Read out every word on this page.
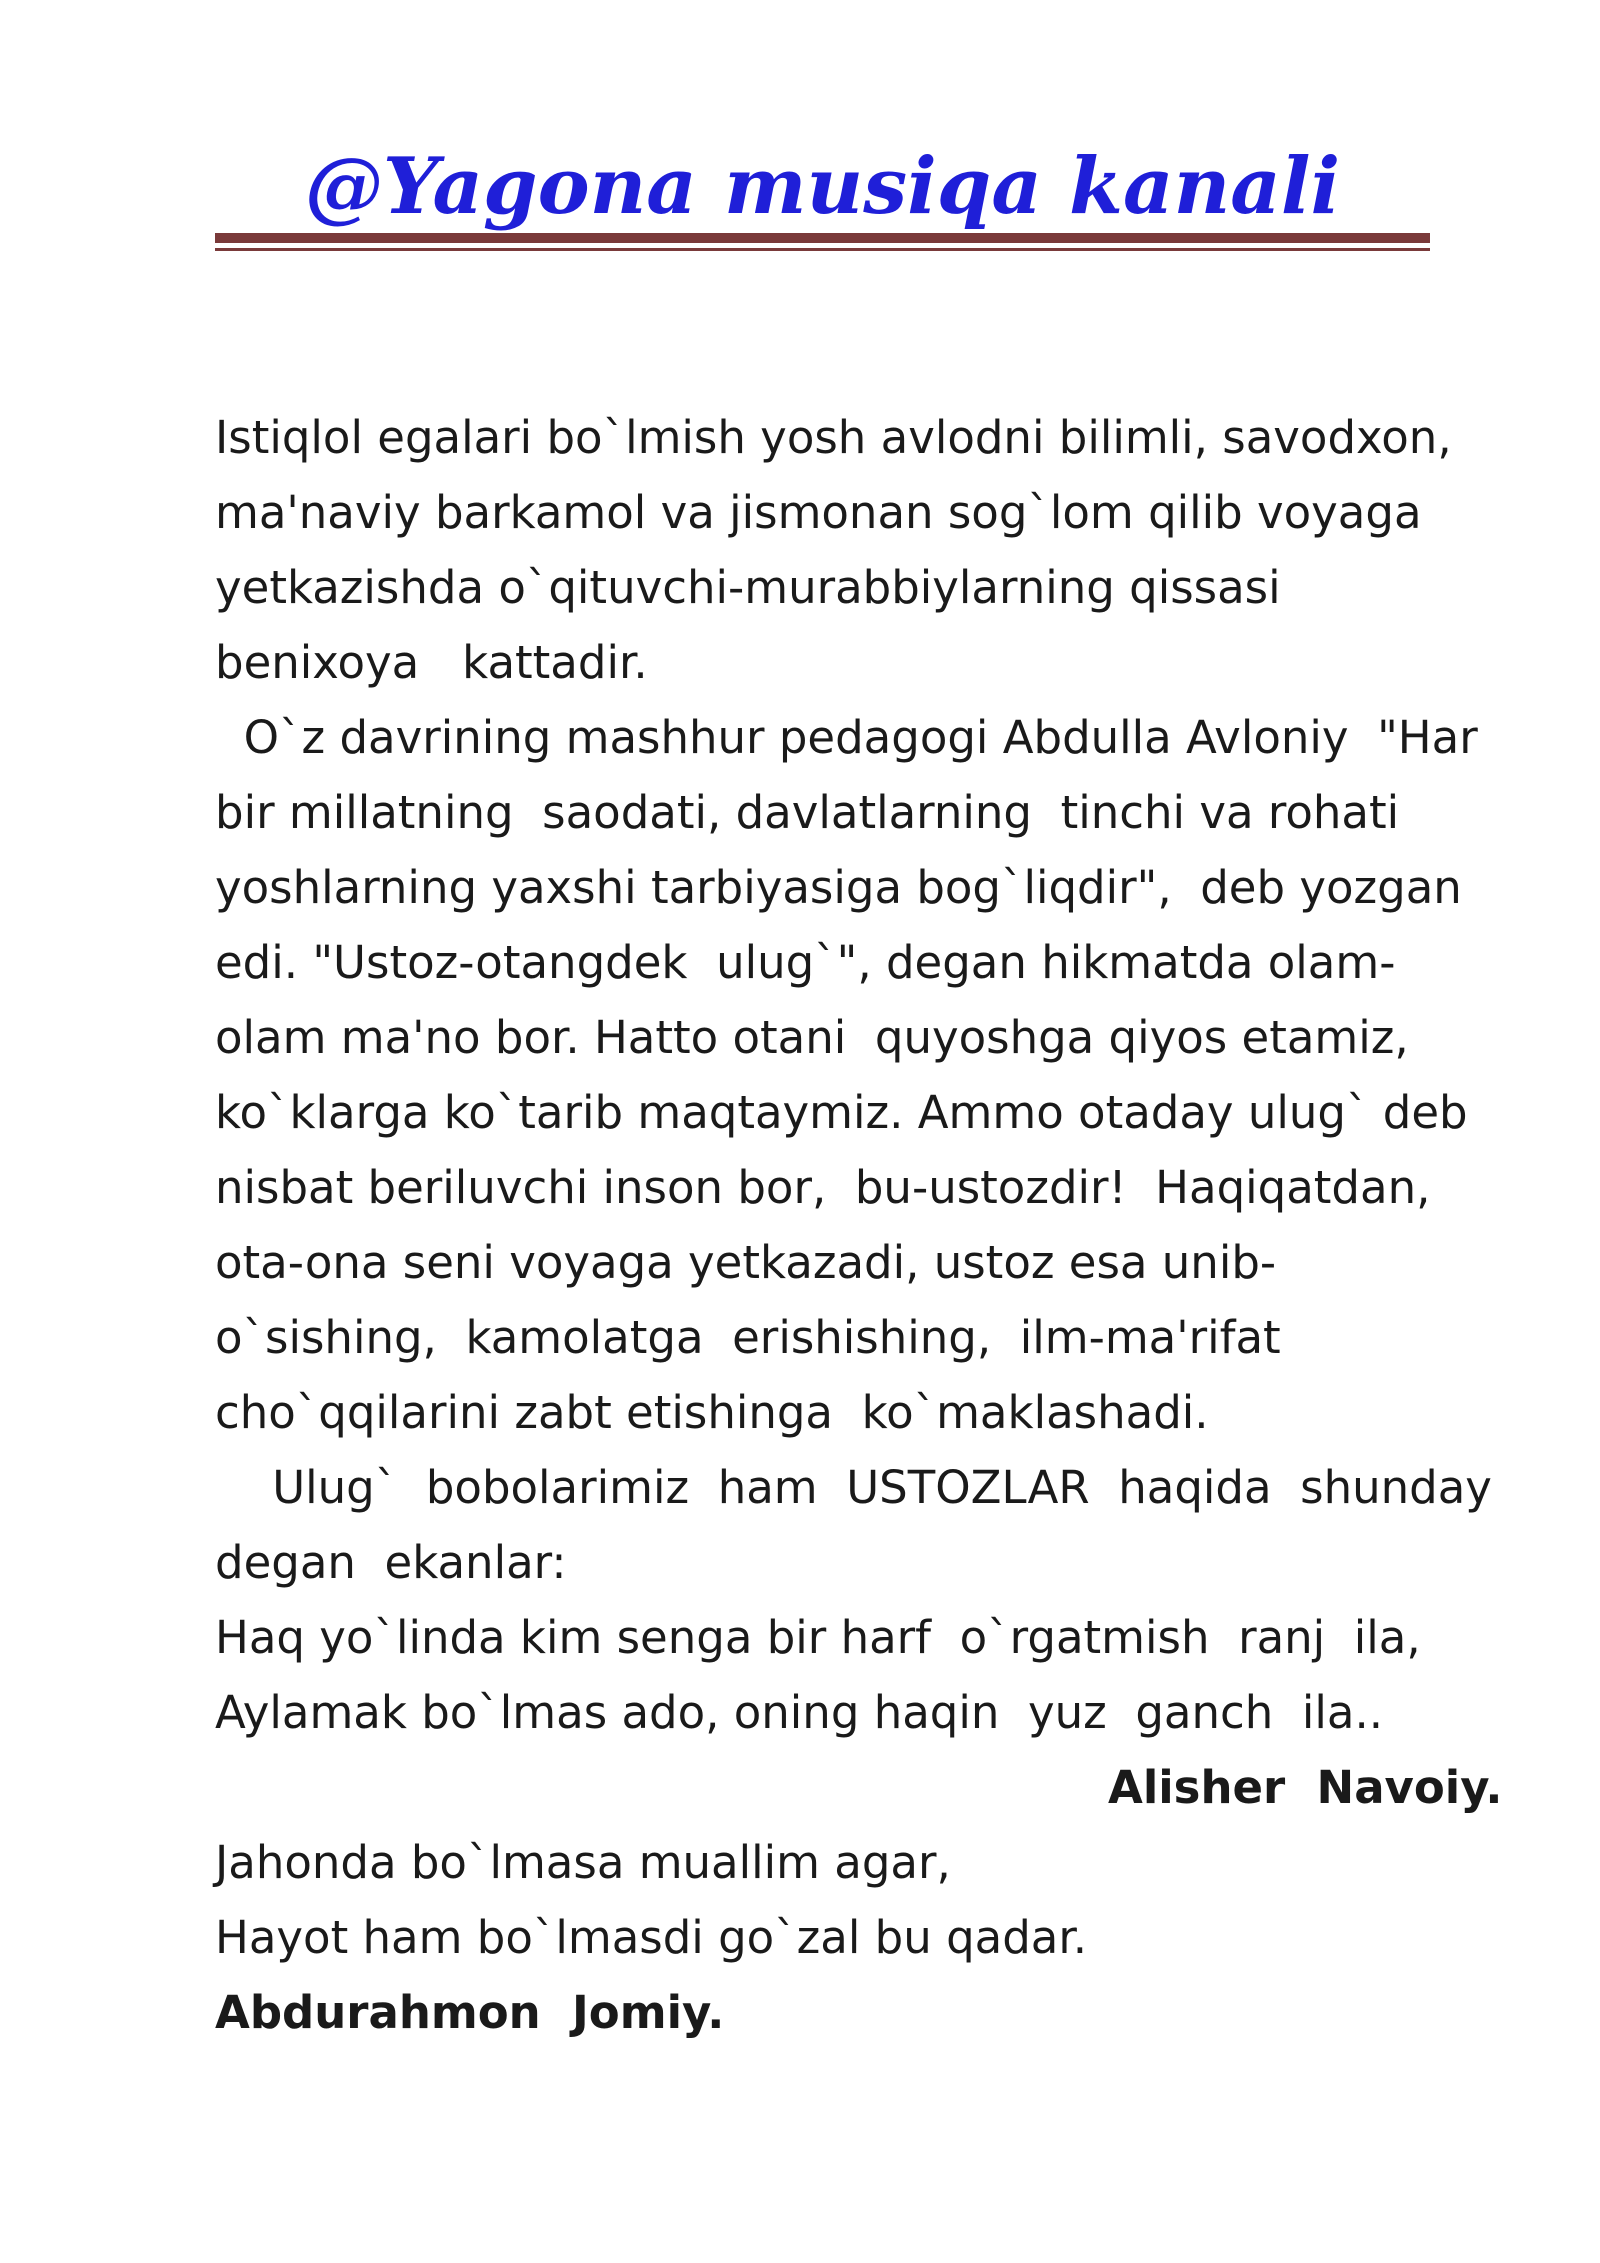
@Yagona musiqa kanali
Istiqlol egalari bo`lmish yosh avlodni bilimli, savodxon,
ma'naviy barkamol va jismonan sog`lom qilib voyaga
yetkazishda o`qituvchi-murabbiylarning qissasi
benixoya   kattadir.
O`z davrining mashhur pedagogi Abdulla Avloniy  "Har
bir millatning  saodati, davlatlarning  tinchi va rohati
yoshlarning yaxshi tarbiyasiga bog`liqdir",  deb yozgan
edi. "Ustoz-otangdek  ulug`", degan hikmatda olam-
olam ma'no bor. Hatto otani  quyoshga qiyos etamiz,
ko`klarga ko`tarib maqtaymiz. Ammo otaday ulug` deb
nisbat beriluvchi inson bor,  bu-ustozdir!  Haqiqatdan,
ota-ona seni voyaga yetkazadi, ustoz esa unib-
o`sishing,  kamolatga  erishishing,  ilm-ma'rifat
cho`qqilarini zabt etishinga  ko`maklashadi.
Ulug`  bobolarimiz  ham  USTOZLAR  haqida  shunday
degan  ekanlar:
Haq yo`linda kim senga bir harf  o`rgatmish  ranj  ila,
Aylamak bo`lmas ado, oning haqin  yuz  ganch  ila..
Alisher  Navoiy.
Jahonda bo`lmasa muallim agar,
Hayot ham bo`lmasdi go`zal bu qadar.
Abdurahmon  Jomiy.
